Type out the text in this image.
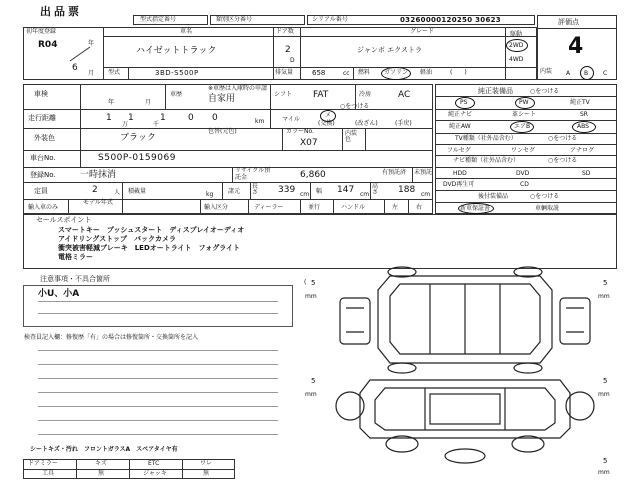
出品票
型式指定番号	類別区分番号	シリアル番号	03260000120250 30623	評価点
4
初年度登録
R04	年
6
月
車名
ハイゼットトラック
ドア数
2
D
グレード
ジャンボ エクストラ
駆動
2WD
4WD
型式	3BD-S500P	排気量	658	cc 燃料 ガソリン 軽油	(　　)	内装 A B C
車検
年	月
車歴
※車歴は入庫時の申請
自家用	シフト FAT	冷房	AC
走行距離	1 1	1 0 0
万	千	km	マイル
○をつける
メ
(交換)	(改ざん)	(手戻)
外装色	ブラック
色替(元色)	カラーNo.
X07
内装色
車台No.	S500P-0159069
登録No.	一時抹消	リサイクル預託金	6,860	有預託済 未預託
定員	2	人 積載量	kg 諸元
長さ 339 cm 幅 147 cm
高さ 188 cm
輸入車のみ
モデル年式
輸入区分	ディーラー	並行	ハンドル	左	右
純正装備品	○をつける
PS	PW	純正TV
純正ナビ	革シート	SR
純正AW	エアB	ABS
TV種類（社外品含む）	○をつける
フルセグ	ワンセグ	アナログ
ナビ種類（社外品含む）	○をつける
HDD	DVD	SD
DVD再生可	CD
後付装備品	○をつける
新車保証書	車輌取説
セールスポイント
スマートキー　プッシュスタート　ディスプレイオーディオ
アイドリングストップ　バックカメラ
衝突被害軽減ブレーキ　LEDオートライト　フォグライト
電格ミラー
注意事項・不具合箇所
小U、小A
検査員記入欄：修復歴「有」の場合は修復箇所・交換箇所を記入
シートキズ・汚れ　フロントガラスA　スペアタイヤ有
ドアミラー	キズ	ETC	ワレ
工具	無	ジャッキ	無
( 5
mm
5
mm
5
mm
5
mm
5
mm
